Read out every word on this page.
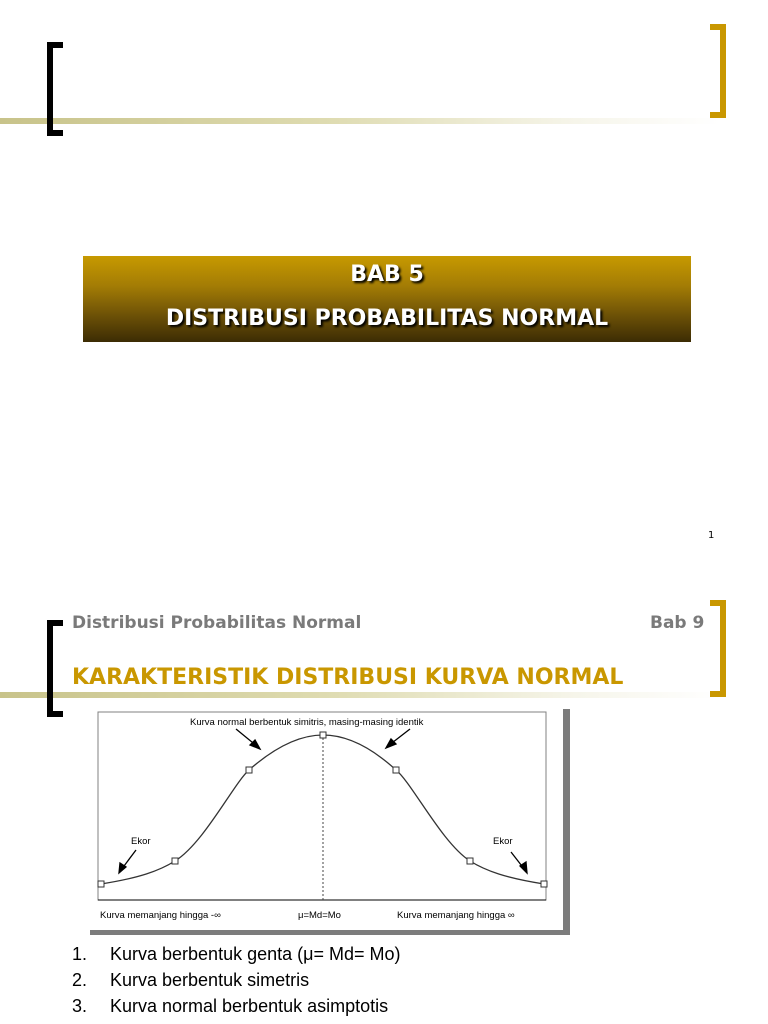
BAB 5
DISTRIBUSI PROBABILITAS NORMAL
1
Distribusi Probabilitas Normal	Bab 9
KARAKTERISTIK DISTRIBUSI KURVA NORMAL
Kurva normal berbentuk simitris, masing-masing identik
Ekor	Ekor
Kurva memanjang hingga -∞	μ=Md=Mo	Kurva memanjang hingga ∞
1. Kurva berbentuk genta (μ= Md= Mo)
2. Kurva berbentuk simetris
3. Kurva normal berbentuk asimptotis
